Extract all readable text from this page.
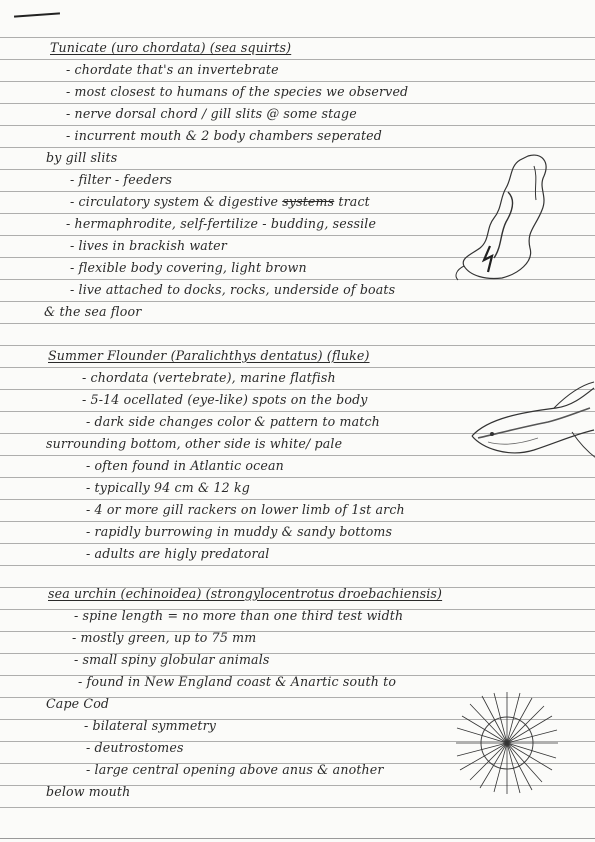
Tunicate (uro chordata) (sea squirts)
- chordate that's an invertebrate
- most closest to humans of the species we observed
- nerve dorsal chord / gill slits @ some stage
- incurrent mouth & 2 body chambers seperated
by gill slits
- filter - feeders
- circulatory system & digestive systems tract
- hermaphrodite, self-fertilize - budding, sessile
- lives in brackish water
- flexible body covering, light brown
- live attached to docks, rocks, underside of boats
& the sea floor
Summer Flounder (Paralichthys dentatus) (fluke)
- chordata (vertebrate), marine flatfish
- 5-14 ocellated (eye-like) spots on the body
- dark side changes color & pattern to match
surrounding bottom, other side is white/ pale
- often found in Atlantic ocean
- typically 94 cm & 12 kg
- 4 or more gill rackers on lower limb of 1st arch
- rapidly burrowing in muddy & sandy bottoms
- adults are higly predatoral
sea urchin (echinoidea) (strongylocentrotus droebachiensis)
- spine length = no more than one third test width
- mostly green, up to 75 mm
- small spiny globular animals
- found in New England coast & Anartic south to
Cape Cod
- bilateral symmetry
- deutrostomes
- large central opening above anus & another
below mouth
